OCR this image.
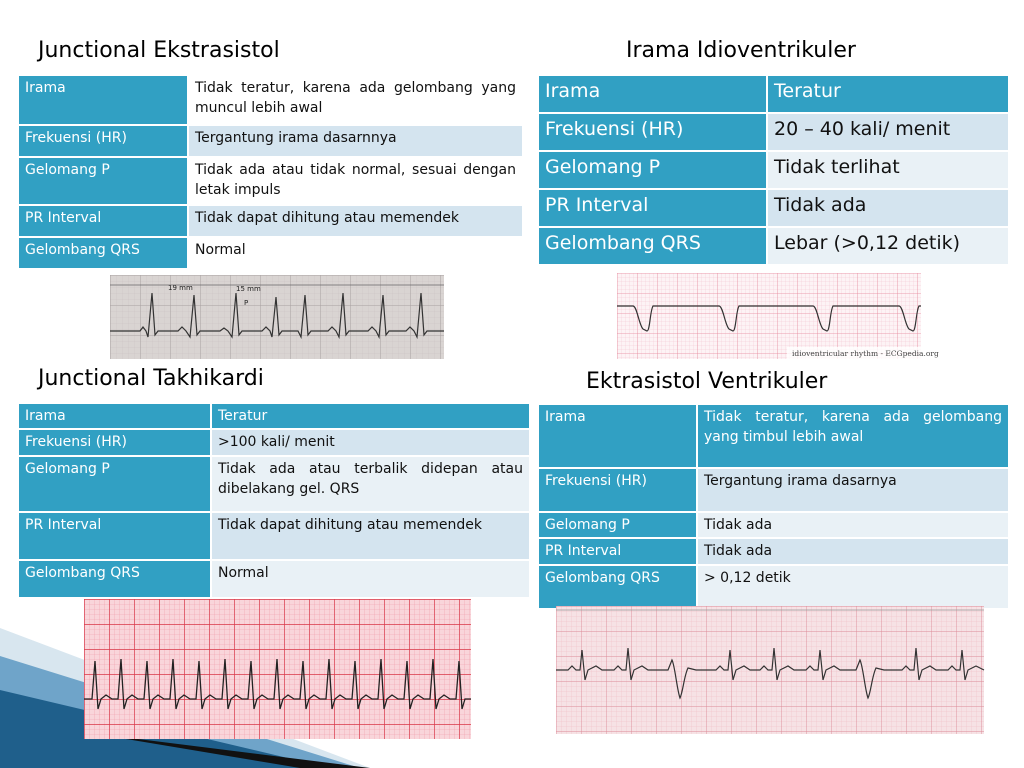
Junctional Ekstrasistol
Irama	Tidak teratur, karena ada gelombang yang muncul lebih awal
Frekuensi (HR)	Tergantung irama dasarnnya
Gelomang P	Tidak ada atau tidak normal, sesuai dengan letak impuls
PR Interval	Tidak dapat dihitung atau memendek
Gelombang QRS	Normal
19 mm	15 mm
P
Irama Idioventrikuler
Irama	Teratur
Frekuensi (HR)	20 – 40 kali/ menit
Gelomang P	Tidak terlihat
PR Interval	Tidak ada
Gelombang QRS	Lebar (>0,12 detik)
idioventricular rhythm - ECGpedia.org
Junctional Takhikardi
Irama	Teratur
Frekuensi (HR)	>100 kali/ menit
Gelomang P	Tidak ada atau terbalik didepan atau dibelakang gel. QRS
PR Interval	Tidak dapat dihitung atau memendek
Gelombang QRS	Normal
Ektrasistol Ventrikuler
Irama	Tidak teratur, karena ada gelombang yang timbul lebih awal
Frekuensi (HR)	Tergantung irama dasarnya
Gelomang P	Tidak ada
PR Interval	Tidak ada
Gelombang QRS	> 0,12 detik
